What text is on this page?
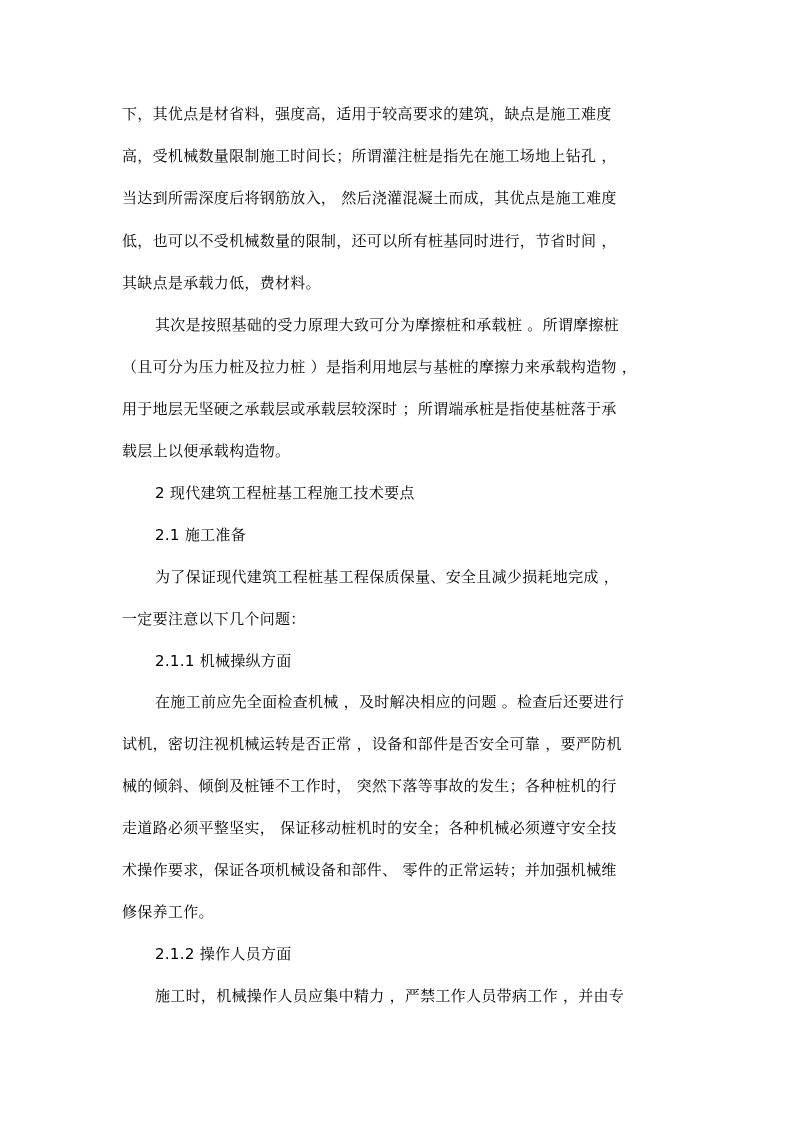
下，其优点是材省料，强度高，适用于较高要求的建筑，缺点是施工难度
高，受机械数量限制施工时间长；所谓灌注桩是指先在施工场地上钻孔 ，
当达到所需深度后将钢筋放入， 然后浇灌混凝土而成，其优点是施工难度
低，也可以不受机械数量的限制，还可以所有桩基同时进行，节省时间 ，
其缺点是承载力低，费材料。
其次是按照基础的受力原理大致可分为摩擦桩和承载桩 。所谓摩擦桩
（且可分为压力桩及拉力桩 ）是指利用地层与基桩的摩擦力来承载构造物 ，
用于地层无坚硬之承载层或承载层较深时 ；所谓端承桩是指使基桩落于承
载层上以便承载构造物。
2 现代建筑工程桩基工程施工技术要点
2.1 施工准备
为了保证现代建筑工程桩基工程保质保量、安全且减少损耗地完成 ，
一定要注意以下几个问题：
2.1.1 机械操纵方面
在施工前应先全面检查机械 ，及时解决相应的问题 。检查后还要进行
试机，密切注视机械运转是否正常 ，设备和部件是否安全可靠 ，要严防机
械的倾斜、倾倒及桩锤不工作时， 突然下落等事故的发生；各种桩机的行
走道路必须平整坚实， 保证移动桩机时的安全；各种机械必须遵守安全技
术操作要求，保证各项机械设备和部件、 零件的正常运转；并加强机械维
修保养工作。
2.1.2 操作人员方面
施工时，机械操作人员应集中精力 ，严禁工作人员带病工作 ，并由专
